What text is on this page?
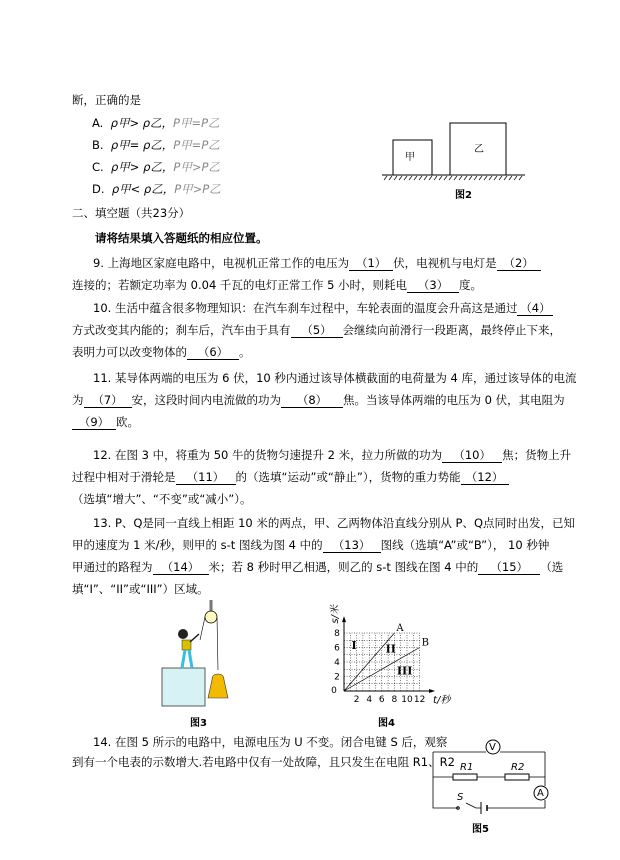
断，正确的是
A. ρ甲> ρ乙，P甲=P乙
B. ρ甲= ρ乙，P甲=P乙
C. ρ甲> ρ乙，P甲>P乙
D. ρ甲< ρ乙，P甲>P乙
二、填空题（共23分）
请将结果填入答题纸的相应位置。
9. 上海地区家庭电路中，电视机正常工作的电压为 （1） 伏，电视机与电灯是 （2）
连接的；若额定功率为 0.04 千瓦的电灯正常工作 5 小时，则耗电 （3） 度。
10. 生活中蕴含很多物理知识：在汽车刹车过程中，车轮表面的温度会升高这是通过 （4）
方式改变其内能的；刹车后，汽车由于具有 （5） 会继续向前滑行一段距离，最终停止下来，
表明力可以改变物体的 （6） 。
11. 某导体两端的电压为 6 伏，10 秒内通过该导体横截面的电荷量为 4 库，通过该导体的电流
为 （7） 安，这段时间内电流做的功为 （8） 焦。当该导体两端的电压为 0 伏，其电阻为
（9） 欧。
12. 在图 3 中，将重为 50 牛的货物匀速提升 2 米，拉力所做的功为 （10） 焦；货物上升
过程中相对于滑轮是 （11） 的（选填“运动”或“静止”），货物的重力势能 （12）
（选填“增大”、“不变”或“减小”）。
13. P、Q是同一直线上相距 10 米的两点，甲、乙两物体沿直线分别从 P、Q点同时出发，已知
甲的速度为 1 米/秒，则甲的 s-t 图线为图 4 中的 （13） 图线（选填“A”或“B”）， 10 秒钟
甲通过的路程为 （14） 米；若 8 秒时甲乙相遇，则乙的 s-t 图线在图 4 中的 （15） （选
填“I”、“II”或“III”）区域。
14. 在图 5 所示的电路中，电源电压为 U 不变。闭合电键 S 后，观察
到有一个电表的示数增大.若电路中仅有一处故障，且只发生在电阻 R1、R2
甲
乙
图2
图3
0
2 4 6 8 10 12
2
4
6
8	A
B
I	II
III
t/秒
s/米
图4
V
A
R1	R2
S
图5
